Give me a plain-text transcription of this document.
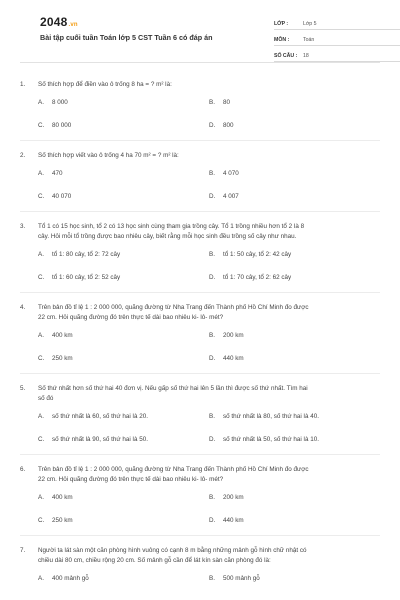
2048.vn
Bài tập cuối tuần Toán lớp 5 CST Tuần 6 có đáp án
LỚP :	Lớp 5
MÔN :	Toán
SỐ CÂU :	18
1.	Số thích hợp để điền vào ô trống 8 ha = ? m² là:
A.	8 000	B.	80
C.	80 000	D.	800
2.	Số thích hợp viết vào ô trống 4 ha 70 m² = ? m² là:
A.	470	B.	4 070
C.	40 070	D.	4 007
3.	Tổ 1 có 15 học sinh, tổ 2 có 13 học sinh cùng tham gia trồng cây. Tổ 1 trồng nhiều hơn tổ 2 là 8
cây. Hỏi mỗi tổ trồng được bao nhiêu cây, biết rằng mỗi học sinh đều trồng số cây như nhau.
A.	tổ 1: 80 cây, tổ 2: 72 cây	B.	tổ 1: 50 cây, tổ 2: 42 cây
C.	tổ 1: 60 cây, tổ 2: 52 cây	D.	tổ 1: 70 cây, tổ 2: 62 cây
4.	Trên bản đồ tỉ lệ 1 : 2 000 000, quãng đường từ Nha Trang đến Thành phố Hồ Chí Minh đo được
22 cm. Hỏi quãng đường đó trên thực tế dài bao nhiêu ki- lô- mét?
A.	400 km	B.	200 km
C.	250 km	D.	440 km
5.	Số thứ nhất hơn số thứ hai 40 đơn vị. Nếu gấp số thứ hai lên 5 lần thì được số thứ nhất. Tìm hai
số đó
A.	số thứ nhất là 60, số thứ hai là 20.	B.	số thứ nhất là 80, số thứ hai là 40.
C.	số thứ nhất là 90, số thứ hai là 50.	D.	số thứ nhất là 50, số thứ hai là 10.
6.	Trên bản đồ tỉ lệ 1 : 2 000 000, quãng đường từ Nha Trang đến Thành phố Hồ Chí Minh đo được
22 cm. Hỏi quãng đường đó trên thực tế dài bao nhiêu ki- lô- mét?
A.	400 km	B.	200 km
C.	250 km	D.	440 km
7.	Người ta lát sàn một căn phòng hình vuông có cạnh 8 m bằng những mảnh gỗ hình chữ nhật có
chiều dài 80 cm, chiều rộng 20 cm. Số mảnh gỗ cần để lát kín sàn căn phòng đó là:
A.	400 mảnh gỗ	B.	500 mảnh gỗ
